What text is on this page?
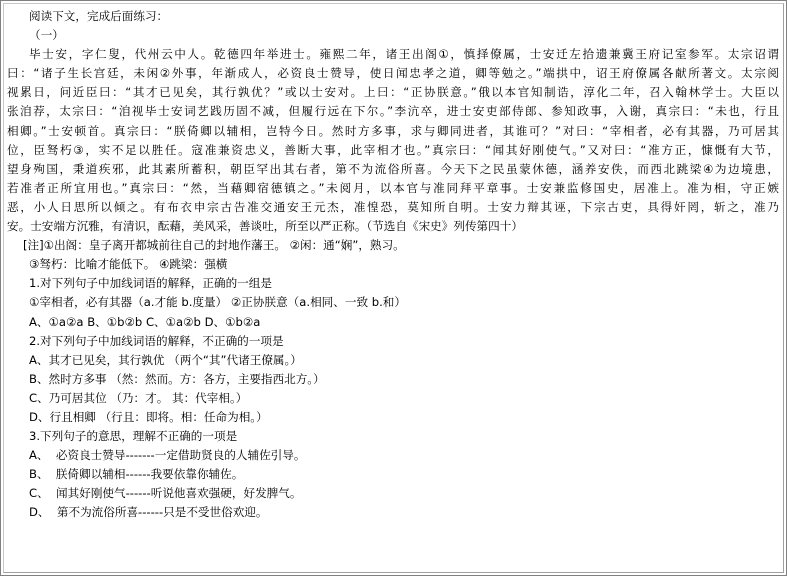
阅读下文，完成后面练习：
（一）
毕士安，字仁叟，代州云中人。乾德四年举进士。雍熙二年，诸王出阁①，慎择僚属，士安迁左拾遗兼冀王府记室参军。太宗诏谓
曰：“诸子生长宫廷，未闲②外事，年渐成人，必资良士赞导，使日闻忠孝之道，卿等勉之。”端拱中，诏王府僚属各献所著文。太宗阅
视累日，问近臣曰：“其才已见矣，其行孰优？”或以士安对。上曰：“正协朕意。”俄以本官知制诰，淳化二年，召入翰林学士。大臣以
张洎荐，太宗曰：“洎视毕士安词艺践历固不减，但履行远在下尔。”李沆卒，进士安吏部侍郎、参知政事，入谢，真宗曰：“未也，行且
相卿。”士安顿首。真宗曰：“朕倚卿以辅相，岂特今日。然时方多事，求与卿同进者，其谁可？”对曰：“宰相者，必有其器，乃可居其
位，臣驽朽③，实不足以胜任。寇准兼资忠义，善断大事，此宰相才也。”真宗曰：“闻其好刚使气。”又对曰：“准方正，慷慨有大节，
望身殉国，秉道疾邪，此其素所蓄积，朝臣罕出其右者，第不为流俗所喜。今天下之民虽蒙休德，涵养安佚，而西北跳梁④为边境患，
若准者正所宜用也。”真宗曰：“然，当藉卿宿德镇之。”未阅月，以本官与准同拜平章事。士安兼监修国史，居准上。准为相，守正嫉
恶，小人日思所以倾之。有布衣申宗古告准交通安王元杰，准惶恐，莫知所自明。士安力辩其诬，下宗古吏，具得奸罔，斩之，准乃
安。士安端方沉雅，有清识，酝藉，美风采，善谈吐，所至以严正称。（节选自《宋史》列传第四十）
[注]①出阁：皇子离开都城前往自己的封地作藩王。 ②闲：通“娴”，熟习。
③驽朽：比喻才能低下。 ④跳梁：强横
1.对下列句子中加线词语的解释，正确的一组是
①宰相者，必有其器（a.才能 b.度量） ②正协朕意（a.相同、一致 b.和）
A、①a②a B、①b②b C、①a②b D、①b②a
2.对下列句子中加线词语的解释，不正确的一项是
A、其才已见矣，其行孰优 （两个“其”代诸王僚属。）
B、然时方多事 （然：然而。方：各方，主要指西北方。）
C、乃可居其位 （乃：才。 其：代宰相。）
D、行且相卿 （行且：即将。相：任命为相。）
3.下列句子的意思，理解不正确的一项是
A、  必资良士赞导-------一定借助贤良的人辅佐引导。
B、  朕倚卿以辅相------我要依靠你辅佐。
C、  闻其好刚使气------听说他喜欢强硬，好发脾气。
D、  第不为流俗所喜------只是不受世俗欢迎。
